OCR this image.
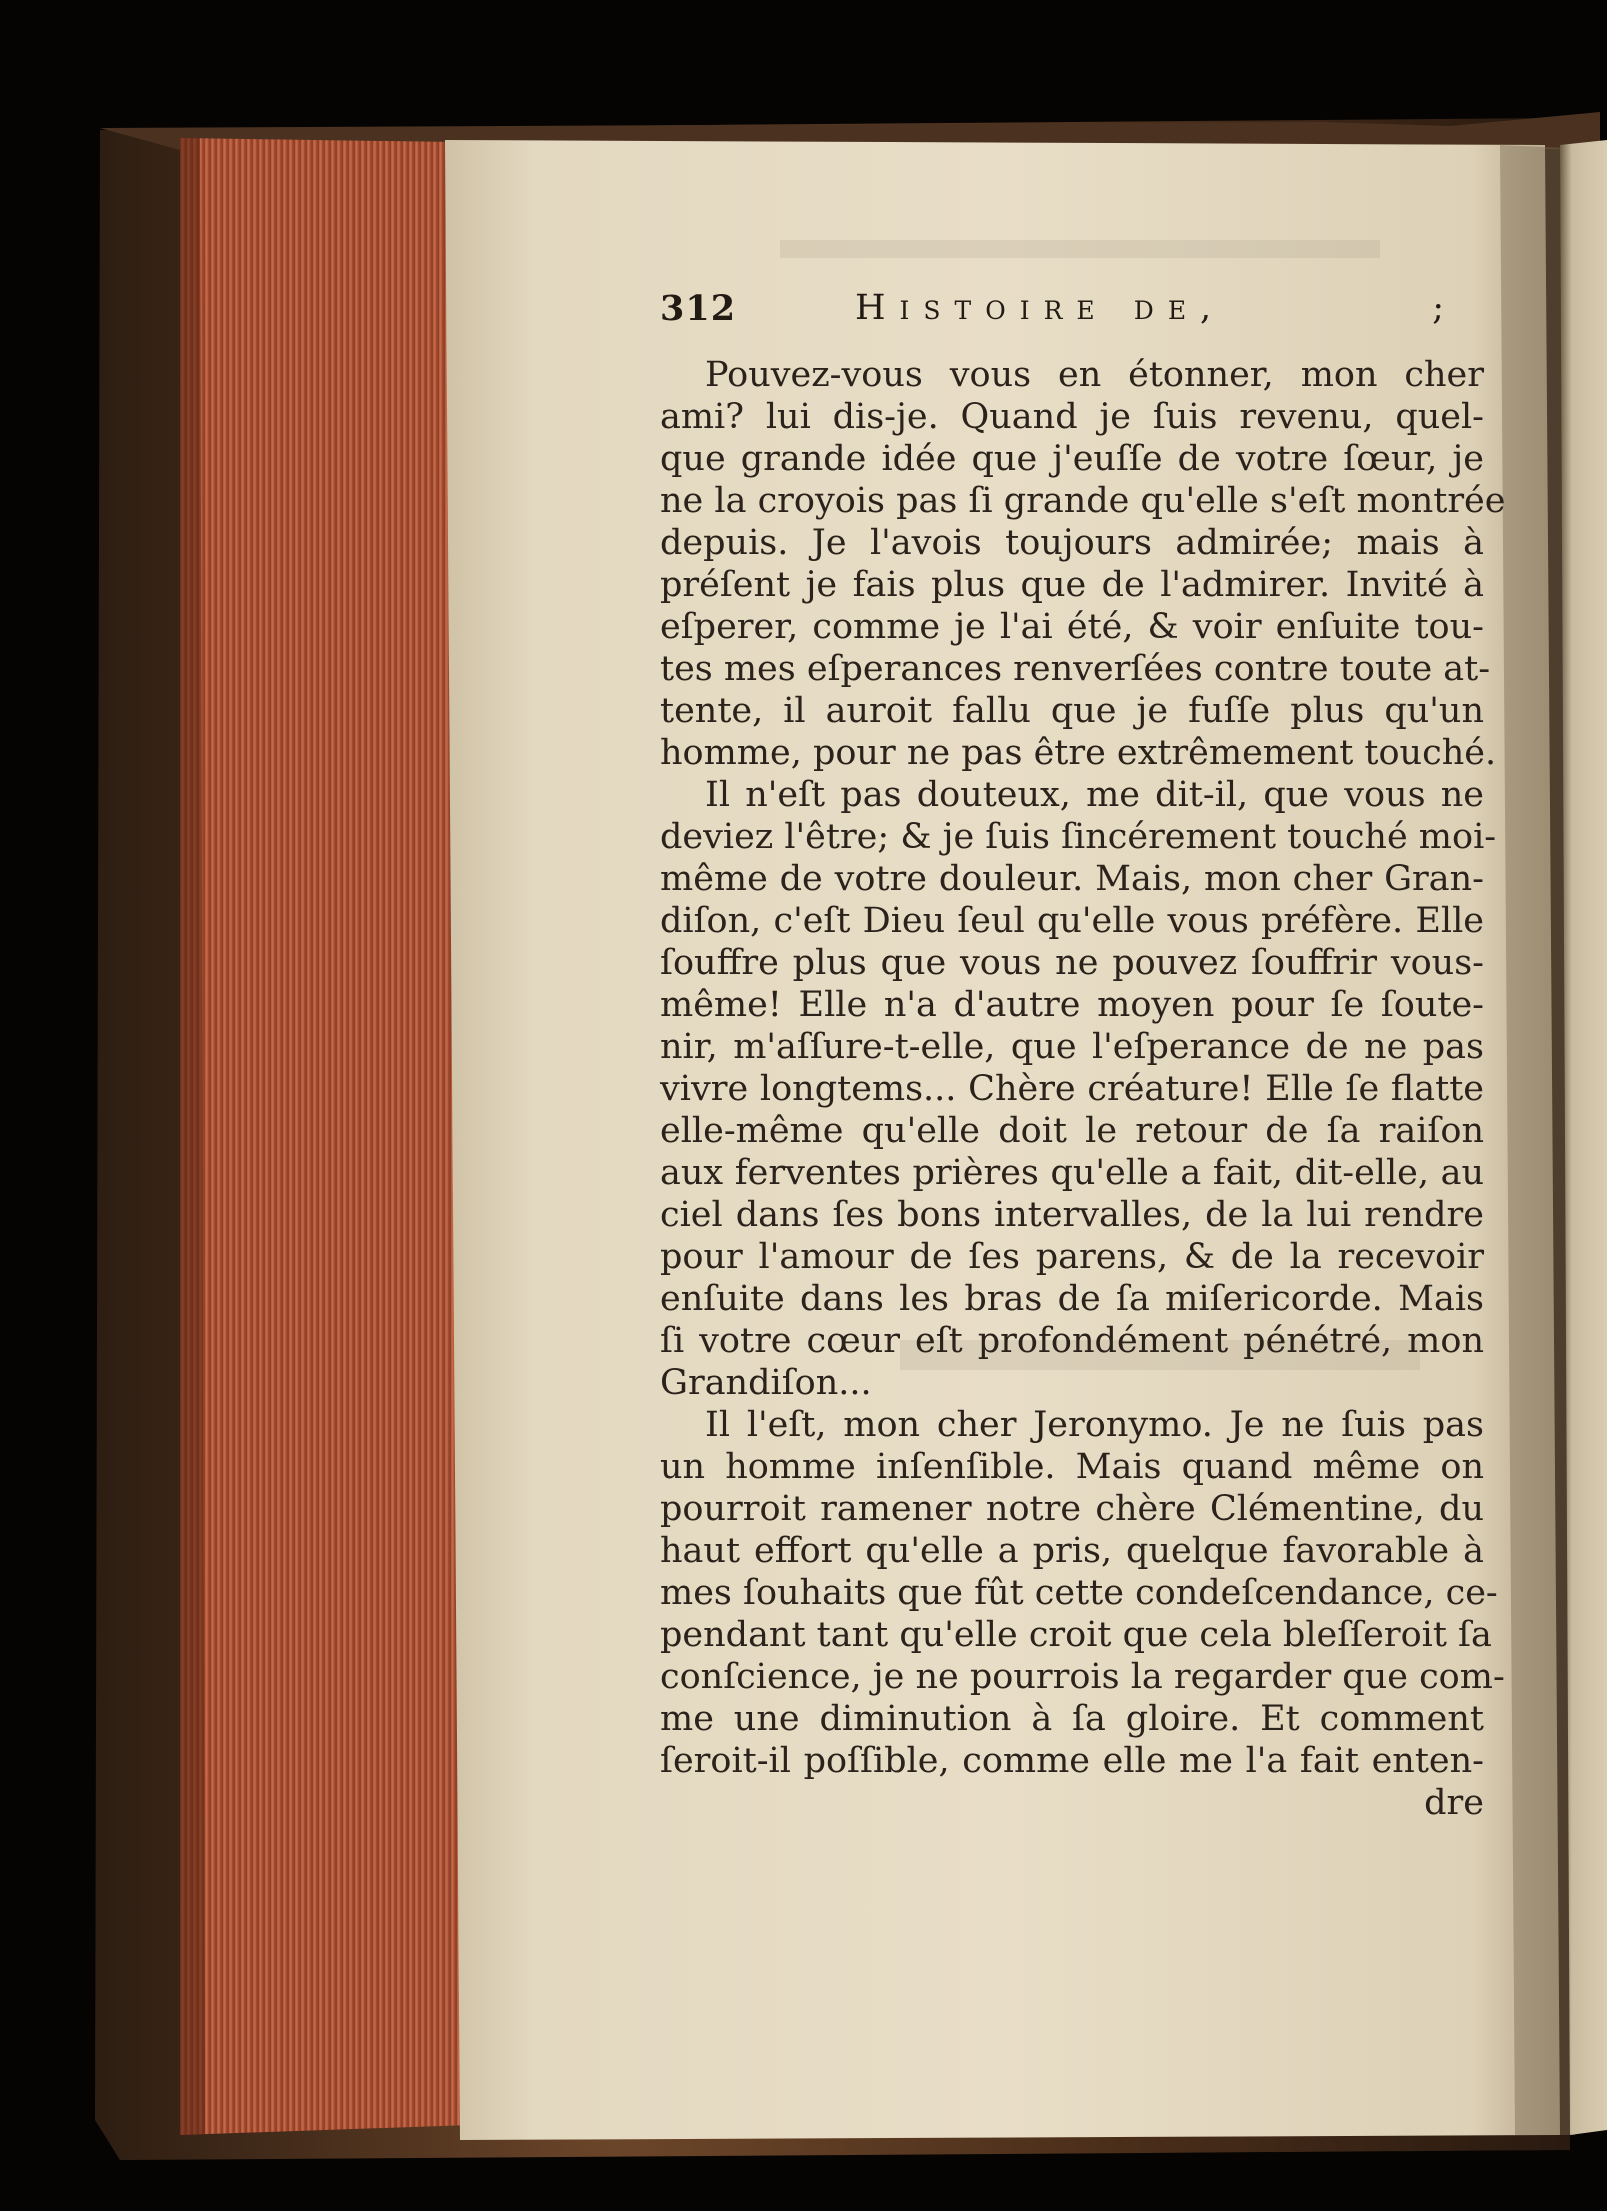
312	Histoire de,	;
Pouvez-vous vous en étonner, mon cher
ami? lui dis-je. Quand je ſuis revenu, quel-
que grande idée que j'euſſe de votre ſœur, je
ne la croyois pas ſi grande qu'elle s'eſt montrée
depuis. Je l'avois toujours admirée; mais à
préſent je fais plus que de l'admirer. Invité à
eſperer, comme je l'ai été, & voir enſuite tou-
tes mes eſperances renverſées contre toute at-
tente, il auroit fallu que je fuſſe plus qu'un
homme, pour ne pas être extrêmement touché.
Il n'eſt pas douteux, me dit-il, que vous ne
deviez l'être; & je ſuis ſincérement touché moi-
même de votre douleur. Mais, mon cher Gran-
diſon, c'eſt Dieu ſeul qu'elle vous préfère. Elle
ſouffre plus que vous ne pouvez ſouffrir vous-
même! Elle n'a d'autre moyen pour ſe ſoute-
nir, m'aſſure-t-elle, que l'eſperance de ne pas
vivre longtems... Chère créature! Elle ſe flatte
elle-même qu'elle doit le retour de ſa raiſon
aux ferventes prières qu'elle a fait, dit-elle, au
ciel dans ſes bons intervalles, de la lui rendre
pour l'amour de ſes parens, & de la recevoir
enſuite dans les bras de ſa miſericorde. Mais
ſi votre cœur eſt profondément pénétré, mon
Grandiſon...
Il l'eſt, mon cher Jeronymo. Je ne ſuis pas
un homme inſenſible. Mais quand même on
pourroit ramener notre chère Clémentine, du
haut effort qu'elle a pris, quelque favorable à
mes ſouhaits que fût cette condeſcendance, ce-
pendant tant qu'elle croit que cela bleſſeroit ſa
conſcience, je ne pourrois la regarder que com-
me une diminution à ſa gloire. Et comment
ſeroit-il poſſible, comme elle me l'a fait enten-
dre
